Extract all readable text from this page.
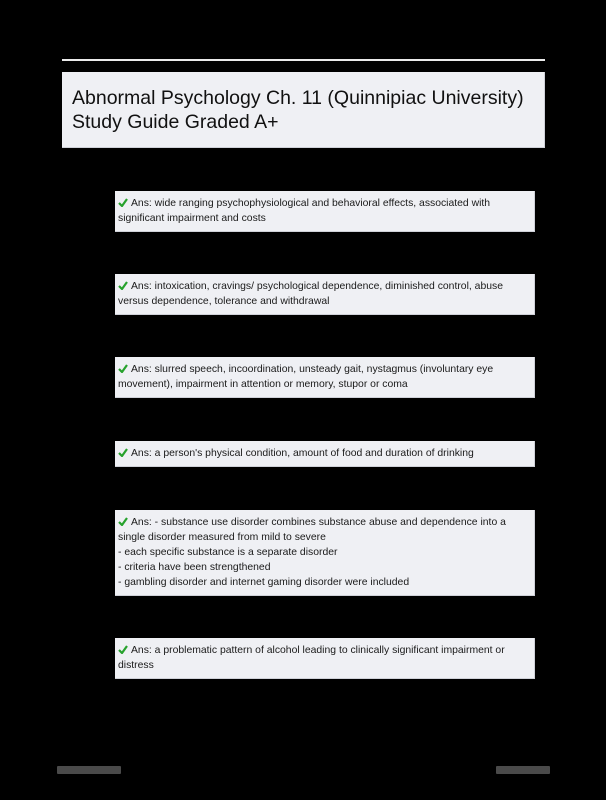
Abnormal Psychology Ch. 11 (Quinnipiac University) Study Guide Graded A+
Ans: wide ranging psychophysiological and behavioral effects, associated with significant impairment and costs
Ans: intoxication, cravings/ psychological dependence, diminished control, abuse versus dependence, tolerance and withdrawal
Ans: slurred speech, incoordination, unsteady gait, nystagmus (involuntary eye movement), impairment in attention or memory, stupor or coma
Ans: a person's physical condition, amount of food and duration of drinking
Ans: - substance use disorder combines substance abuse and dependence into a single disorder measured from mild to severe
- each specific substance is a separate disorder
- criteria have been strengthened
- gambling disorder and internet gaming disorder were included
Ans: a problematic pattern of alcohol leading to clinically significant impairment or distress
